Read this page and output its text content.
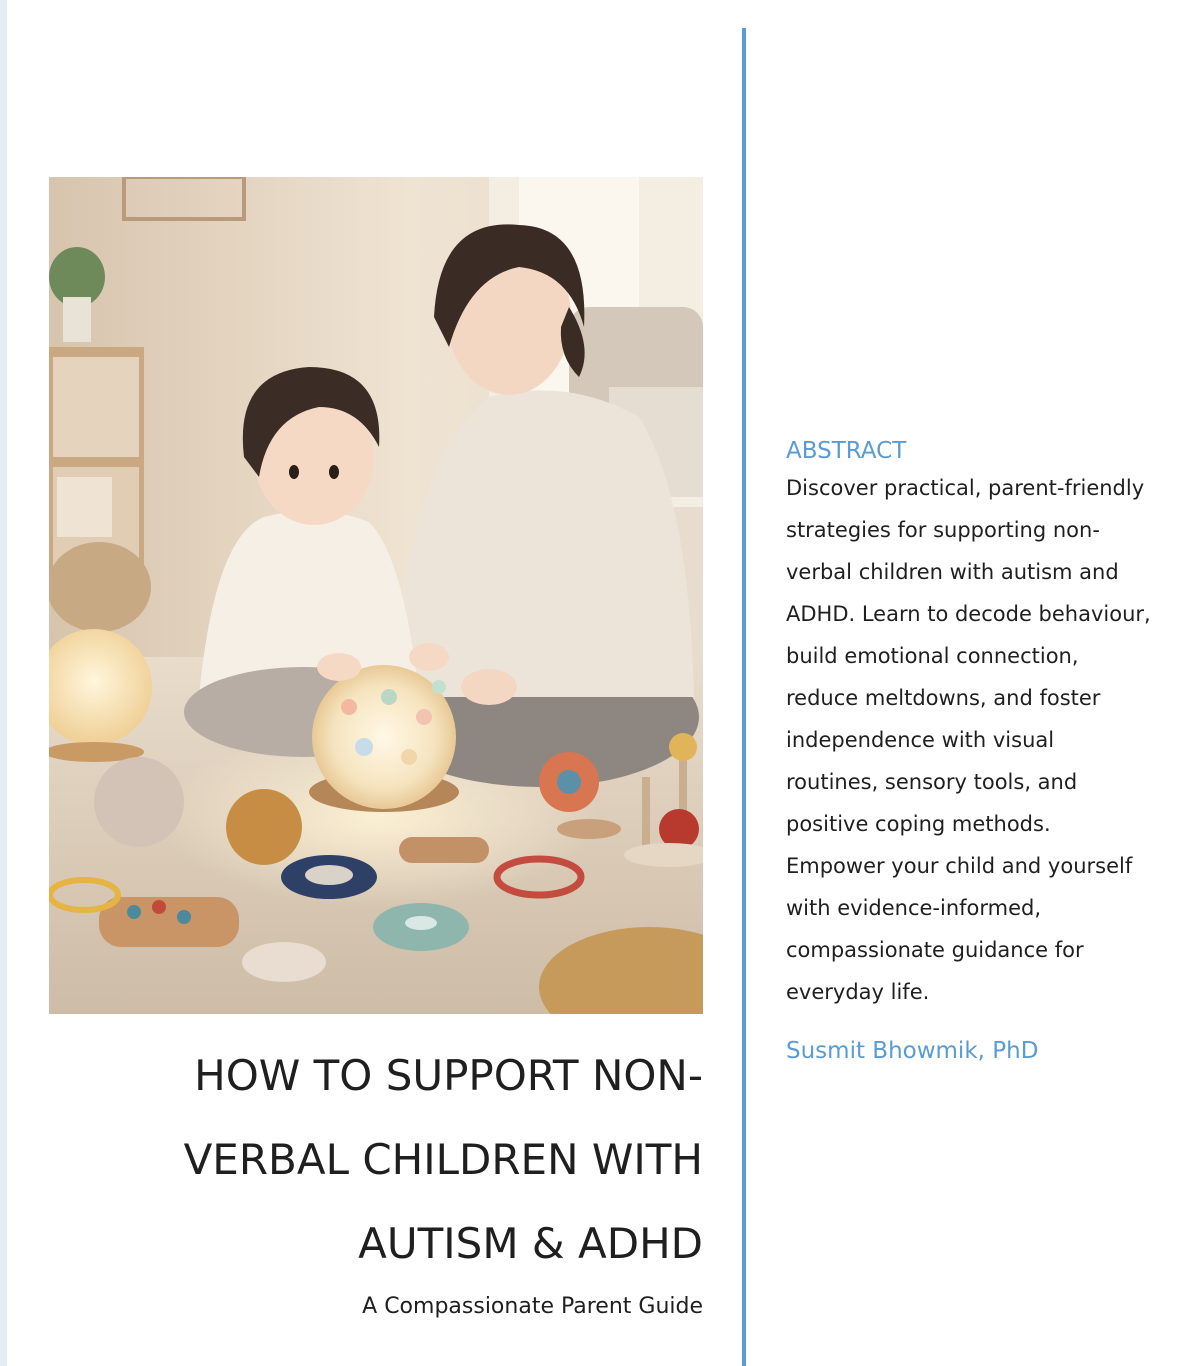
HOW TO SUPPORT NON-
VERBAL CHILDREN WITH
AUTISM & ADHD
A Compassionate Parent Guide
ABSTRACT
Discover practical, parent-friendly
strategies for supporting non-
verbal children with autism and
ADHD. Learn to decode behaviour,
build emotional connection,
reduce meltdowns, and foster
independence with visual
routines, sensory tools, and
positive coping methods.
Empower your child and yourself
with evidence-informed,
compassionate guidance for
everyday life.
Susmit Bhowmik, PhD
